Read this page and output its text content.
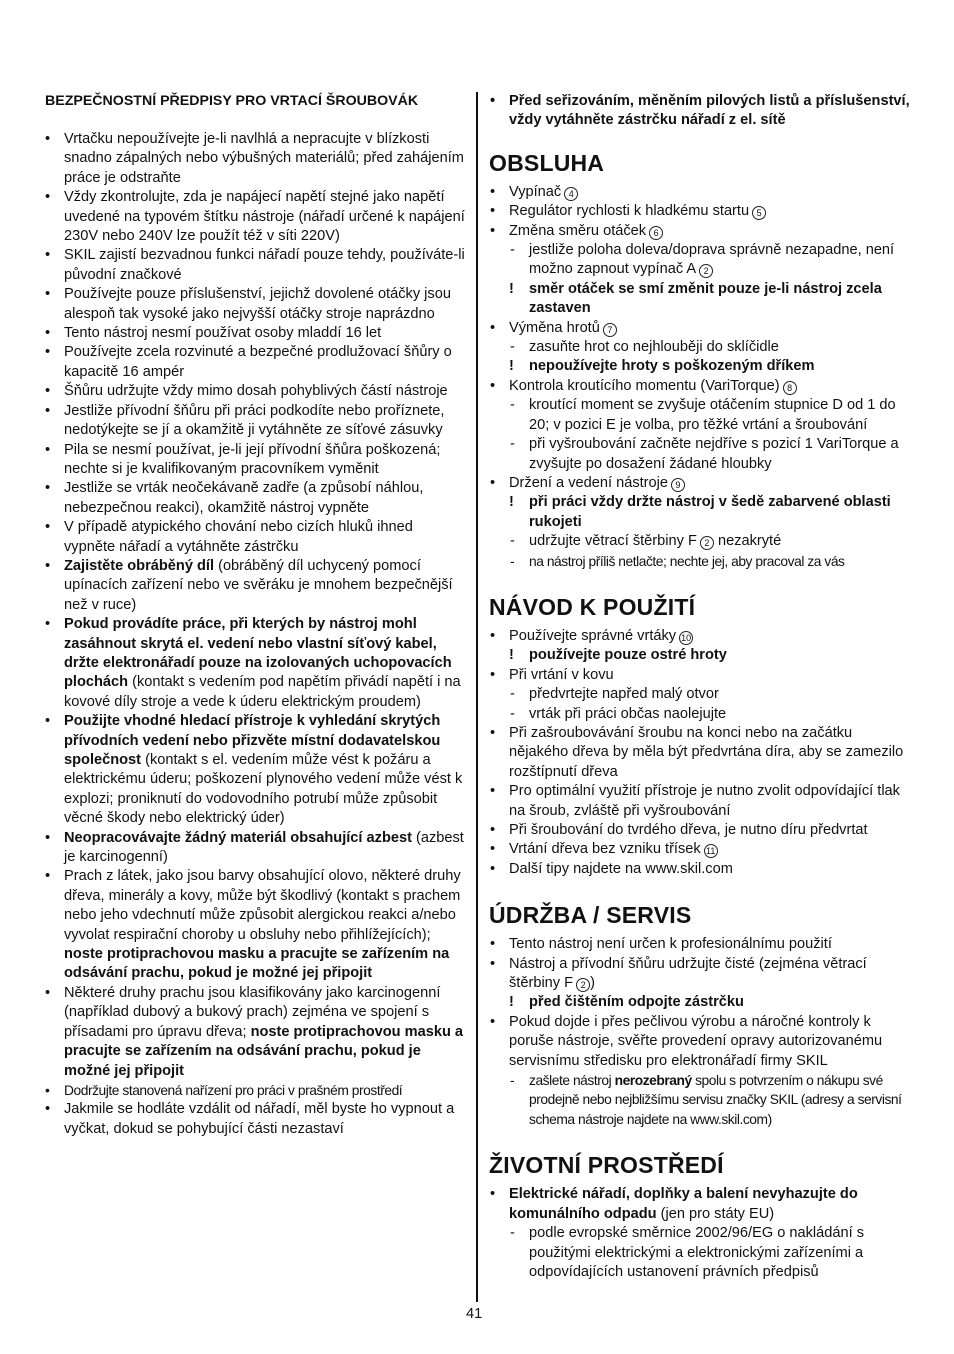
BEZPEČNOSTNÍ PŘEDPISY PRO VRTACÍ ŠROUBOVÁK
• Vrtačku nepoužívejte je-li navlhlá a nepracujte v blízkosti snadno zápalných nebo výbušných materiálů; před zahájením práce je odstraňte
• Vždy zkontrolujte, zda je napájecí napětí stejné jako napětí uvedené na typovém štítku nástroje (nářadí určené k napájení 230V nebo 240V lze použít též v síti 220V)
• SKIL zajistí bezvadnou funkci nářadí pouze tehdy, používáte-li původní značkové
• Používejte pouze příslušenství, jejichž dovolené otáčky jsou alespoň tak vysoké jako nejvyšší otáčky stroje naprázdno
• Tento nástroj nesmí používat osoby mladdí 16 let
• Používejte zcela rozvinuté a bezpečné prodlužovací šňůry o kapacitě 16 ampér
• Šňůru udržujte vždy mimo dosah pohyblivých částí nástroje
• Jestliže přívodní šňůru při práci podkodíte nebo proříznete, nedotýkejte se jí a okamžitě ji vytáhněte ze síťové zásuvky
• Pila se nesmí používat, je-li její přívodní šňůra poškozená; nechte si je kvalifikovaným pracovníkem vyměnit
• Jestliže se vrták neočekávaně zadře (a způsobí náhlou, nebezpečnou reakci), okamžitě nástroj vypněte
• V případě atypického chování nebo cizích hluků ihned vypněte nářadí a vytáhněte zástrčku
• Zajistěte obráběný díl (obráběný díl uchycený pomocí upínacích zařízení nebo ve svěráku je mnohem bezpečnější než v ruce)
• Pokud provádíte práce, při kterých by nástroj mohl zasáhnout skrytá el. vedení nebo vlastní síťový kabel, držte elektronářadí pouze na izolovaných uchopovacích plochách (kontakt s vedením pod napětím přivádí napětí i na kovové díly stroje a vede k úderu elektrickým proudem)
• Použijte vhodné hledací přístroje k vyhledání skrytých přívodních vedení nebo přizvěte místní dodavatelskou společnost (kontakt s el. vedením může vést k požáru a elektrickému úderu; poškození plynového vedení může vést k explozi; proniknutí do vodovodního potrubí může způsobit věcné škody nebo elektrický úder)
• Neopracovávajte žádný materiál obsahující azbest (azbest je karcinogenní)
• Prach z látek, jako jsou barvy obsahující olovo, některé druhy dřeva, minerály a kovy, může být škodlivý (kontakt s prachem nebo jeho vdechnutí může způsobit alergickou reakci a/nebo vyvolat respirační choroby u obsluhy nebo přihlížejících); noste protiprachovou masku a pracujte se zařízením na odsávání prachu, pokud je možné jej připojit
• Některé druhy prachu jsou klasifikovány jako karcinogenní (například dubový a bukový prach) zejména ve spojení s přísadami pro úpravu dřeva; noste protiprachovou masku a pracujte se zařízením na odsávání prachu, pokud je možné jej připojit
• Dodržujte stanovená nařízení pro práci v prašném prostředí
• Jakmile se hodláte vzdálit od nářadí, měl byste ho vypnout a vyčkat, dokud se pohybující části nezastaví
• Před seřizováním, měněním pilových listů a příslušenství, vždy vytáhněte zástrčku nářadí z el. sítě
OBSLUHA
• Vypínač 4
• Regulátor rychlosti k hladkému startu 5
• Změna směru otáček 6
- jestliže poloha doleva/doprava správně nezapadne, není možno zapnout vypínač A 2
! směr otáček se smí změnit pouze je-li nástroj zcela zastaven
• Výměna hrotů 7
- zasuňte hrot co nejhlouběji do sklíčidle
! nepoužívejte hroty s poškozeným dříkem
• Kontrola kroutícího momentu (VariTorque) 8
- kroutící moment se zvyšuje otáčením stupnice D od 1 do 20; v pozici E je volba, pro těžké vrtání a šroubování
- při vyšroubování začněte nejdříve s pozicí 1 VariTorque a zvyšujte po dosažení žádané hloubky
• Držení a vedení nástroje 9
! při práci vždy držte nástroj v šedě zabarvené oblasti rukojeti
- udržujte větrací štěrbiny F 2 nezakryté
- na nástroj příliš netlačte; nechte jej, aby pracoval za vás
NÁVOD K POUŽITÍ
• Používejte správné vrtáky 10
! používejte pouze ostré hroty
• Při vrtání v kovu
- předvrtejte napřed malý otvor
- vrták při práci občas naolejujte
• Při zašroubovávání šroubu na konci nebo na začátku nějakého dřeva by měla být předvrtána díra, aby se zamezilo rozštípnutí dřeva
• Pro optimální využití přístroje je nutno zvolit odpovídající tlak na šroub, zvláště při vyšroubování
• Při šroubování do tvrdého dřeva, je nutno díru předvrtat
• Vrtání dřeva bez vzniku třísek 11
• Další tipy najdete na www.skil.com
ÚDRŽBA / SERVIS
• Tento nástroj není určen k profesionálnímu použití
• Nástroj a přívodní šňůru udržujte čisté (zejména větrací štěrbiny F 2 )
! před čištěním odpojte zástrčku
• Pokud dojde i přes pečlivou výrobu a náročné kontroly k poruše nástroje, svěřte provedení opravy autorizovanému servisnímu středisku pro elektronářadí firmy SKIL
- zašlete nástroj nerozebraný spolu s potvrzením o nákupu své prodejně nebo nejbližšímu servisu značky SKIL (adresy a servisní schema nástroje najdete na www.skil.com)
ŽIVOTNÍ PROSTŘEDÍ
• Elektrické nářadí, doplňky a balení nevyhazujte do komunálního odpadu (jen pro státy EU)
- podle evropské směrnice 2002/96/EG o nakládání s použitými elektrickými a elektronickými zařízeními a odpovídajících ustanovení právních předpisů
41
